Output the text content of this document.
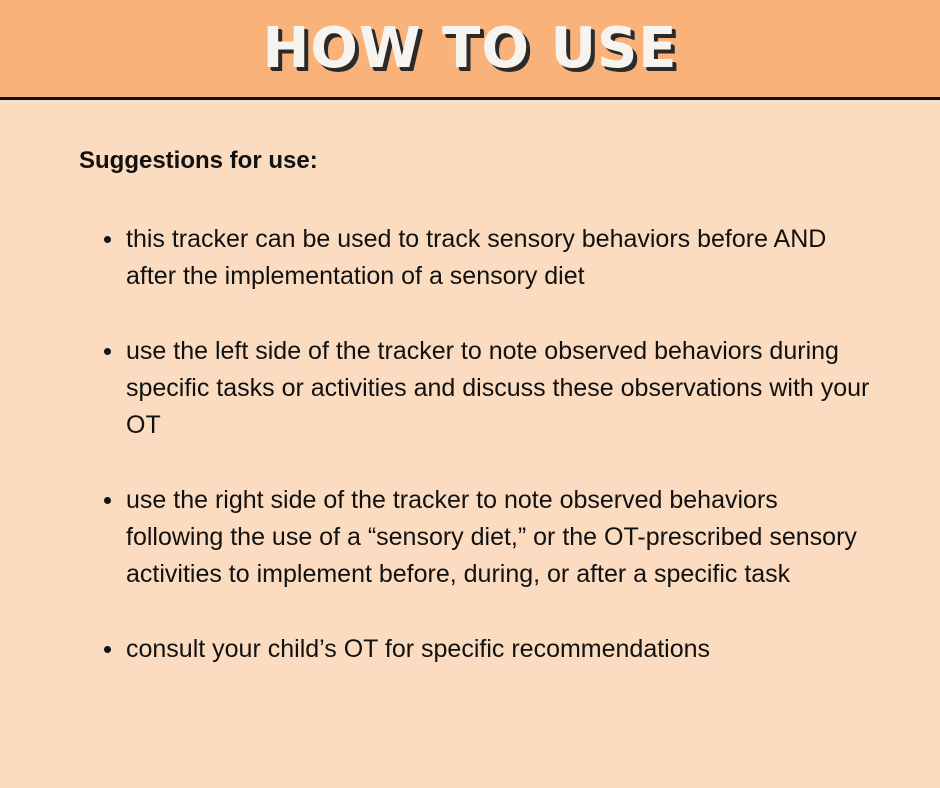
HOW TO USE

Suggestions for use:

this tracker can be used to track sensory behaviors before AND after the implementation of a sensory diet
use the left side of the tracker to note observed behaviors during specific tasks or activities and discuss these observations with your OT
use the right side of the tracker to note observed behaviors following the use of a “sensory diet,” or the OT-prescribed sensory activities to implement before, during, or after a specific task
consult your child’s OT for specific recommendations
